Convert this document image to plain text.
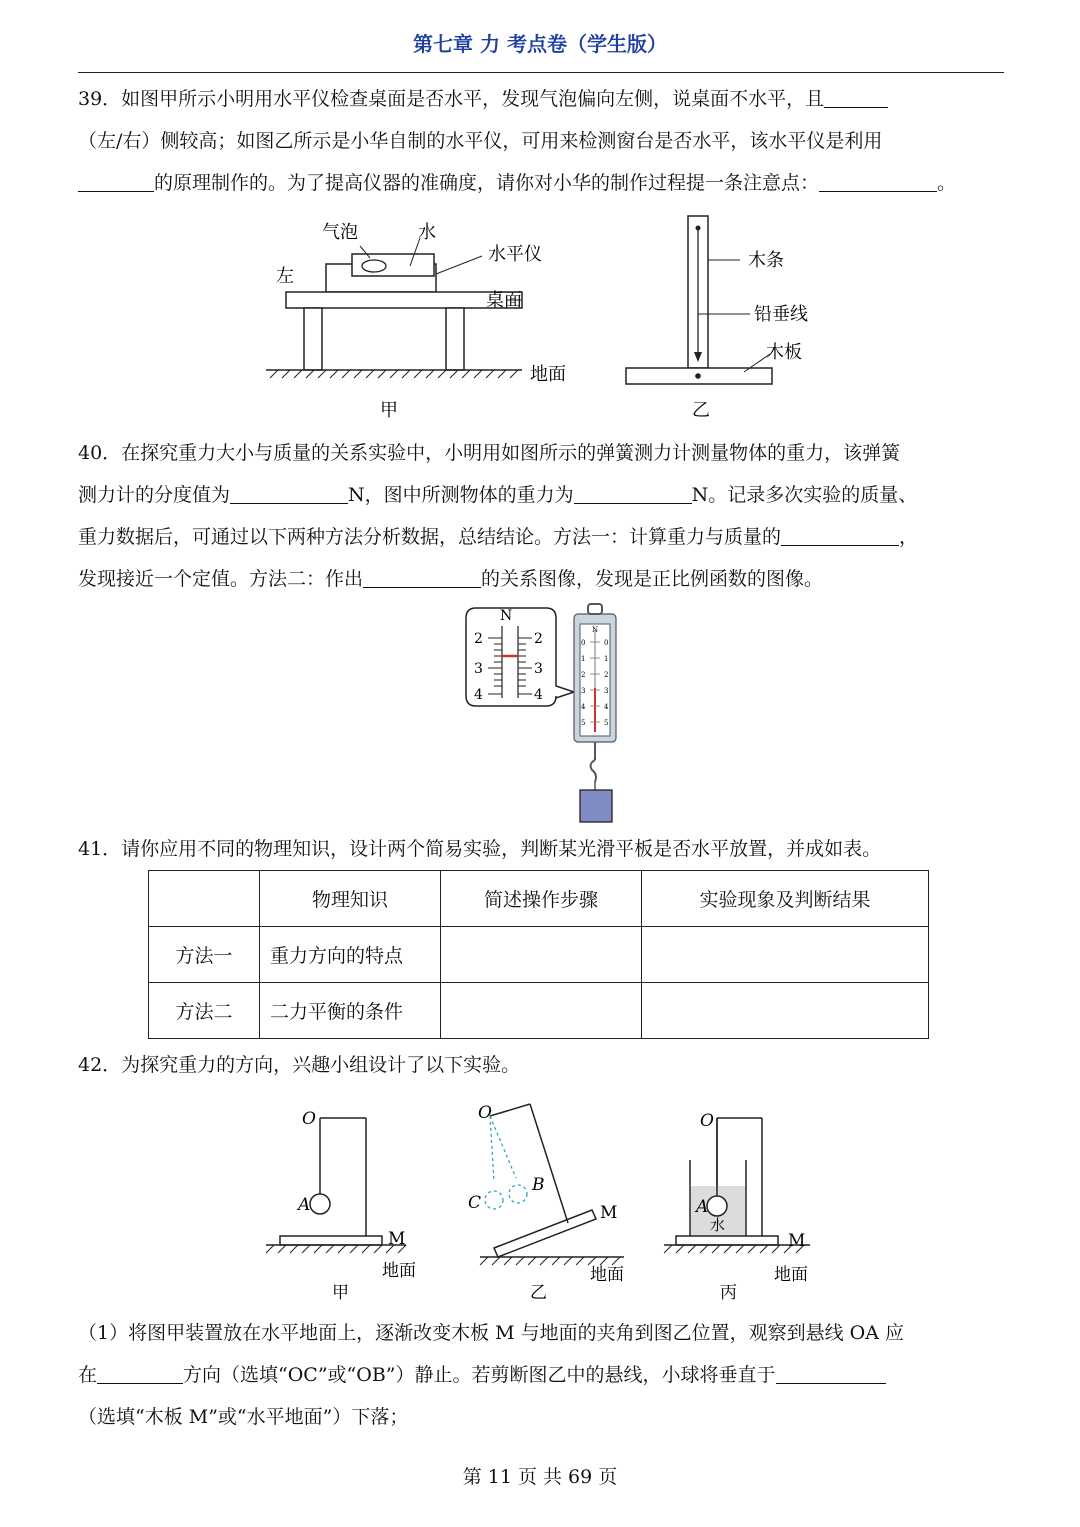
第七章 力 考点卷（学生版）
39．如图甲所示小明用水平仪检查桌面是否水平，发现气泡偏向左侧，说桌面不水平，且
（左/右）侧较高；如图乙所示是小华自制的水平仪，可用来检测窗台是否水平，该水平仪是利用
的原理制作的。为了提高仪器的准确度，请你对小华的制作过程提一条注意点：	。
气泡	水
左
水平仪
桌面
地面
甲
木条
铅垂线
木板
乙
40．在探究重力大小与质量的关系实验中，小明用如图所示的弹簧测力计测量物体的重力，该弹簧
测力计的分度值为	N，图中所测物体的重力为	N。记录多次实验的质量、
重力数据后，可通过以下两种方法分析数据，总结结论。方法一：计算重力与质量的	，
发现接近一个定值。方法二：作出	的关系图像，发现是正比例函数的图像。
N
2
3
4
2
3
4
0
1
2
3
4
5
0
1
2
3
4
5
N
41．请你应用不同的物理知识，设计两个简易实验，判断某光滑平板是否水平放置，并成如表。
	物理知识	简述操作步骤	实验现象及判断结果
方法一	重力方向的特点		
方法二	二力平衡的条件		
42．为探究重力的方向，兴趣小组设计了以下实验。
O
A
O
B
C
O
A
M
地面
甲
M
地面
乙
水
M
地面
丙
（1）将图甲装置放在水平地面上，逐渐改变木板 M 与地面的夹角到图乙位置，观察到悬线 OA 应
在	方向（选填“OC”或“OB”）静止。若剪断图乙中的悬线，小球将垂直于
（选填“木板 M”或“水平地面”）下落；
第 11 页 共 69 页
